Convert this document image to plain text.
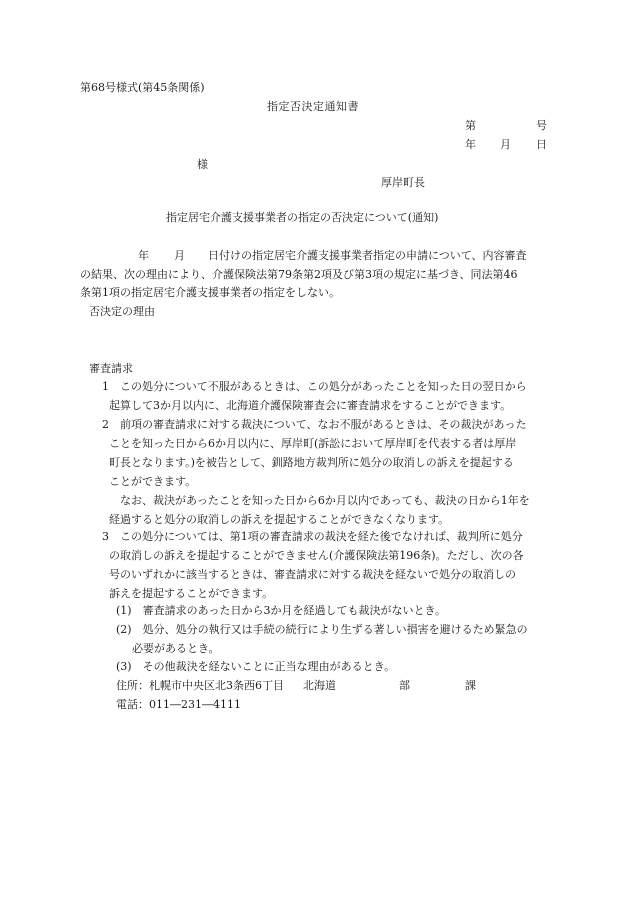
第68号様式(第45条関係)
指定否決定通知書
第	号
年 月 日
様
厚岸町長
指定居宅介護支援事業者の指定の否決定について(通知)
年 月 日付けの指定居宅介護支援事業者指定の申請について、内容審査
の結果、次の理由により、介護保険法第79条第2項及び第3項の規定に基づき、同法第46
条第1項の指定居宅介護支援事業者の指定をしない。
否決定の理由
審査請求
1　この処分について不服があるときは、この処分があったことを知った日の翌日から
起算して3か月以内に、北海道介護保険審査会に審査請求をすることができます。
2　前項の審査請求に対する裁決について、なお不服があるときは、その裁決があった
ことを知った日から6か月以内に、厚岸町(訴訟において厚岸町を代表する者は厚岸
町長となります。)を被告として、釧路地方裁判所に処分の取消しの訴えを提起する
ことができます。
なお、裁決があったことを知った日から6か月以内であっても、裁決の日から1年を
経過すると処分の取消しの訴えを提起することができなくなります。
3　この処分については、第1項の審査請求の裁決を経た後でなければ、裁判所に処分
の取消しの訴えを提起することができません(介護保険法第196条)。ただし、次の各
号のいずれかに該当するときは、審査請求に対する裁決を経ないで処分の取消しの
訴えを提起することができます。
(1)　審査請求のあった日から3か月を経過しても裁決がないとき。
(2)　処分、処分の執行又は手続の続行により生ずる著しい損害を避けるため緊急の
必要があるとき。
(3)　その他裁決を経ないことに正当な理由があるとき。
住所：札幌市中央区北3条西6丁目 北海道	部	課
電話：011―231―4111
